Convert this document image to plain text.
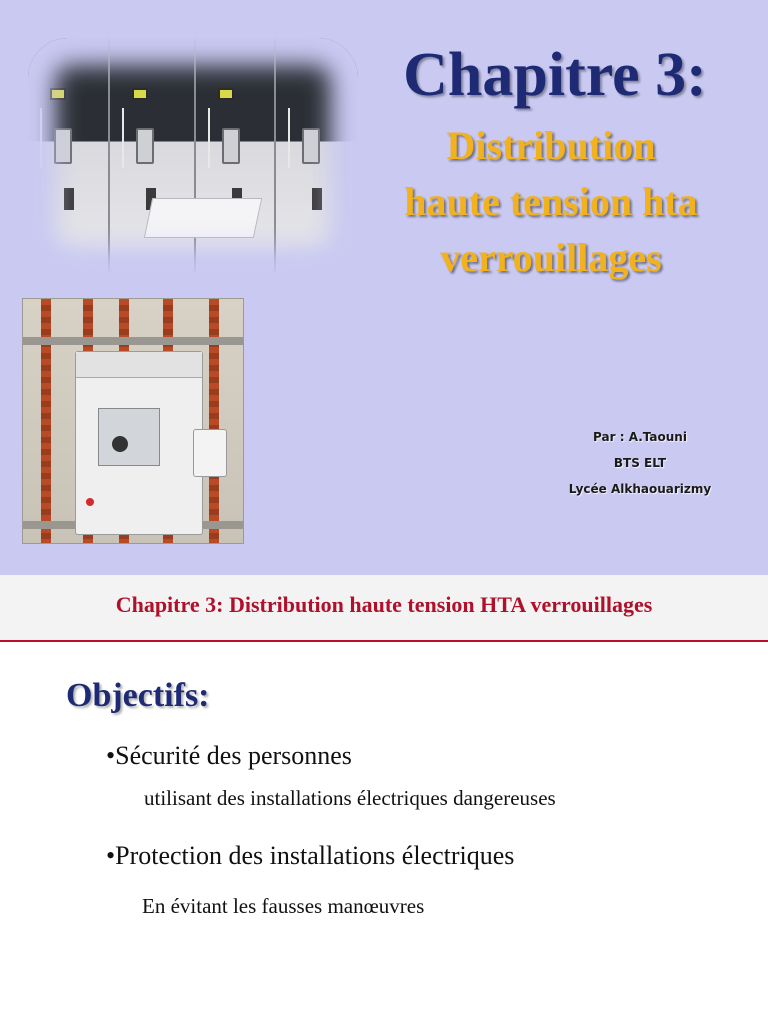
Chapitre 3:
Distribution
haute tension hta
verrouillages
Par : A.Taouni
BTS ELT
Lycée Alkhaouarizmy
Chapitre 3: Distribution haute tension HTA verrouillages
Objectifs:
•Sécurité des personnes
utilisant des installations électriques dangereuses
•Protection des installations électriques
En évitant les fausses manœuvres
